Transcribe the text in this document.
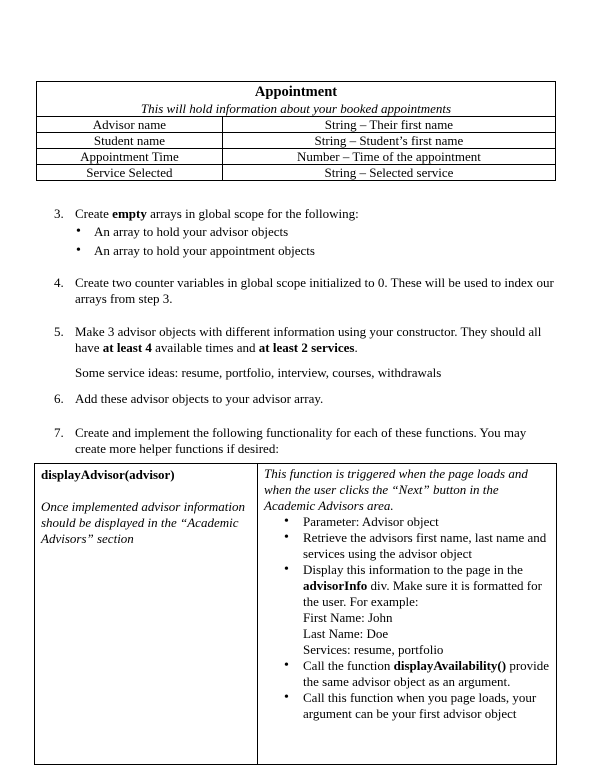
Appointment	
This will hold information about your booked appointments	
Advisor name	String – Their first name
Student name	String – Student’s first name
Appointment Time	Number – Time of the appointment
Service Selected	String – Selected service
3. Create empty arrays in global scope for the following:
• An array to hold your advisor objects
• An array to hold your appointment objects
4. Create two counter variables in global scope initialized to 0. These will be used to index our arrays from step 3.
5. Make 3 advisor objects with different information using your constructor. They should all have at least 4 available times and at least 2 services.
Some service ideas: resume, portfolio, interview, courses, withdrawals
6. Add these advisor objects to your advisor array.
7. Create and implement the following functionality for each of these functions. You may create more helper functions if desired:
displayAdvisor(advisor)
Once implemented advisor information should be displayed in the “Academic Advisors” section

This function is triggered when the page loads and when the user clicks the “Next” button in the Academic Advisors area.
• Parameter: Advisor object
• Retrieve the advisors first name, last name and services using the advisor object
• Display this information to the page in the advisorInfo div. Make sure it is formatted for the user. For example:
First Name: John
Last Name: Doe
Services: resume, portfolio
• Call the function displayAvailability() provide the same advisor object as an argument.
• Call this function when you page loads, your argument can be your first advisor object
